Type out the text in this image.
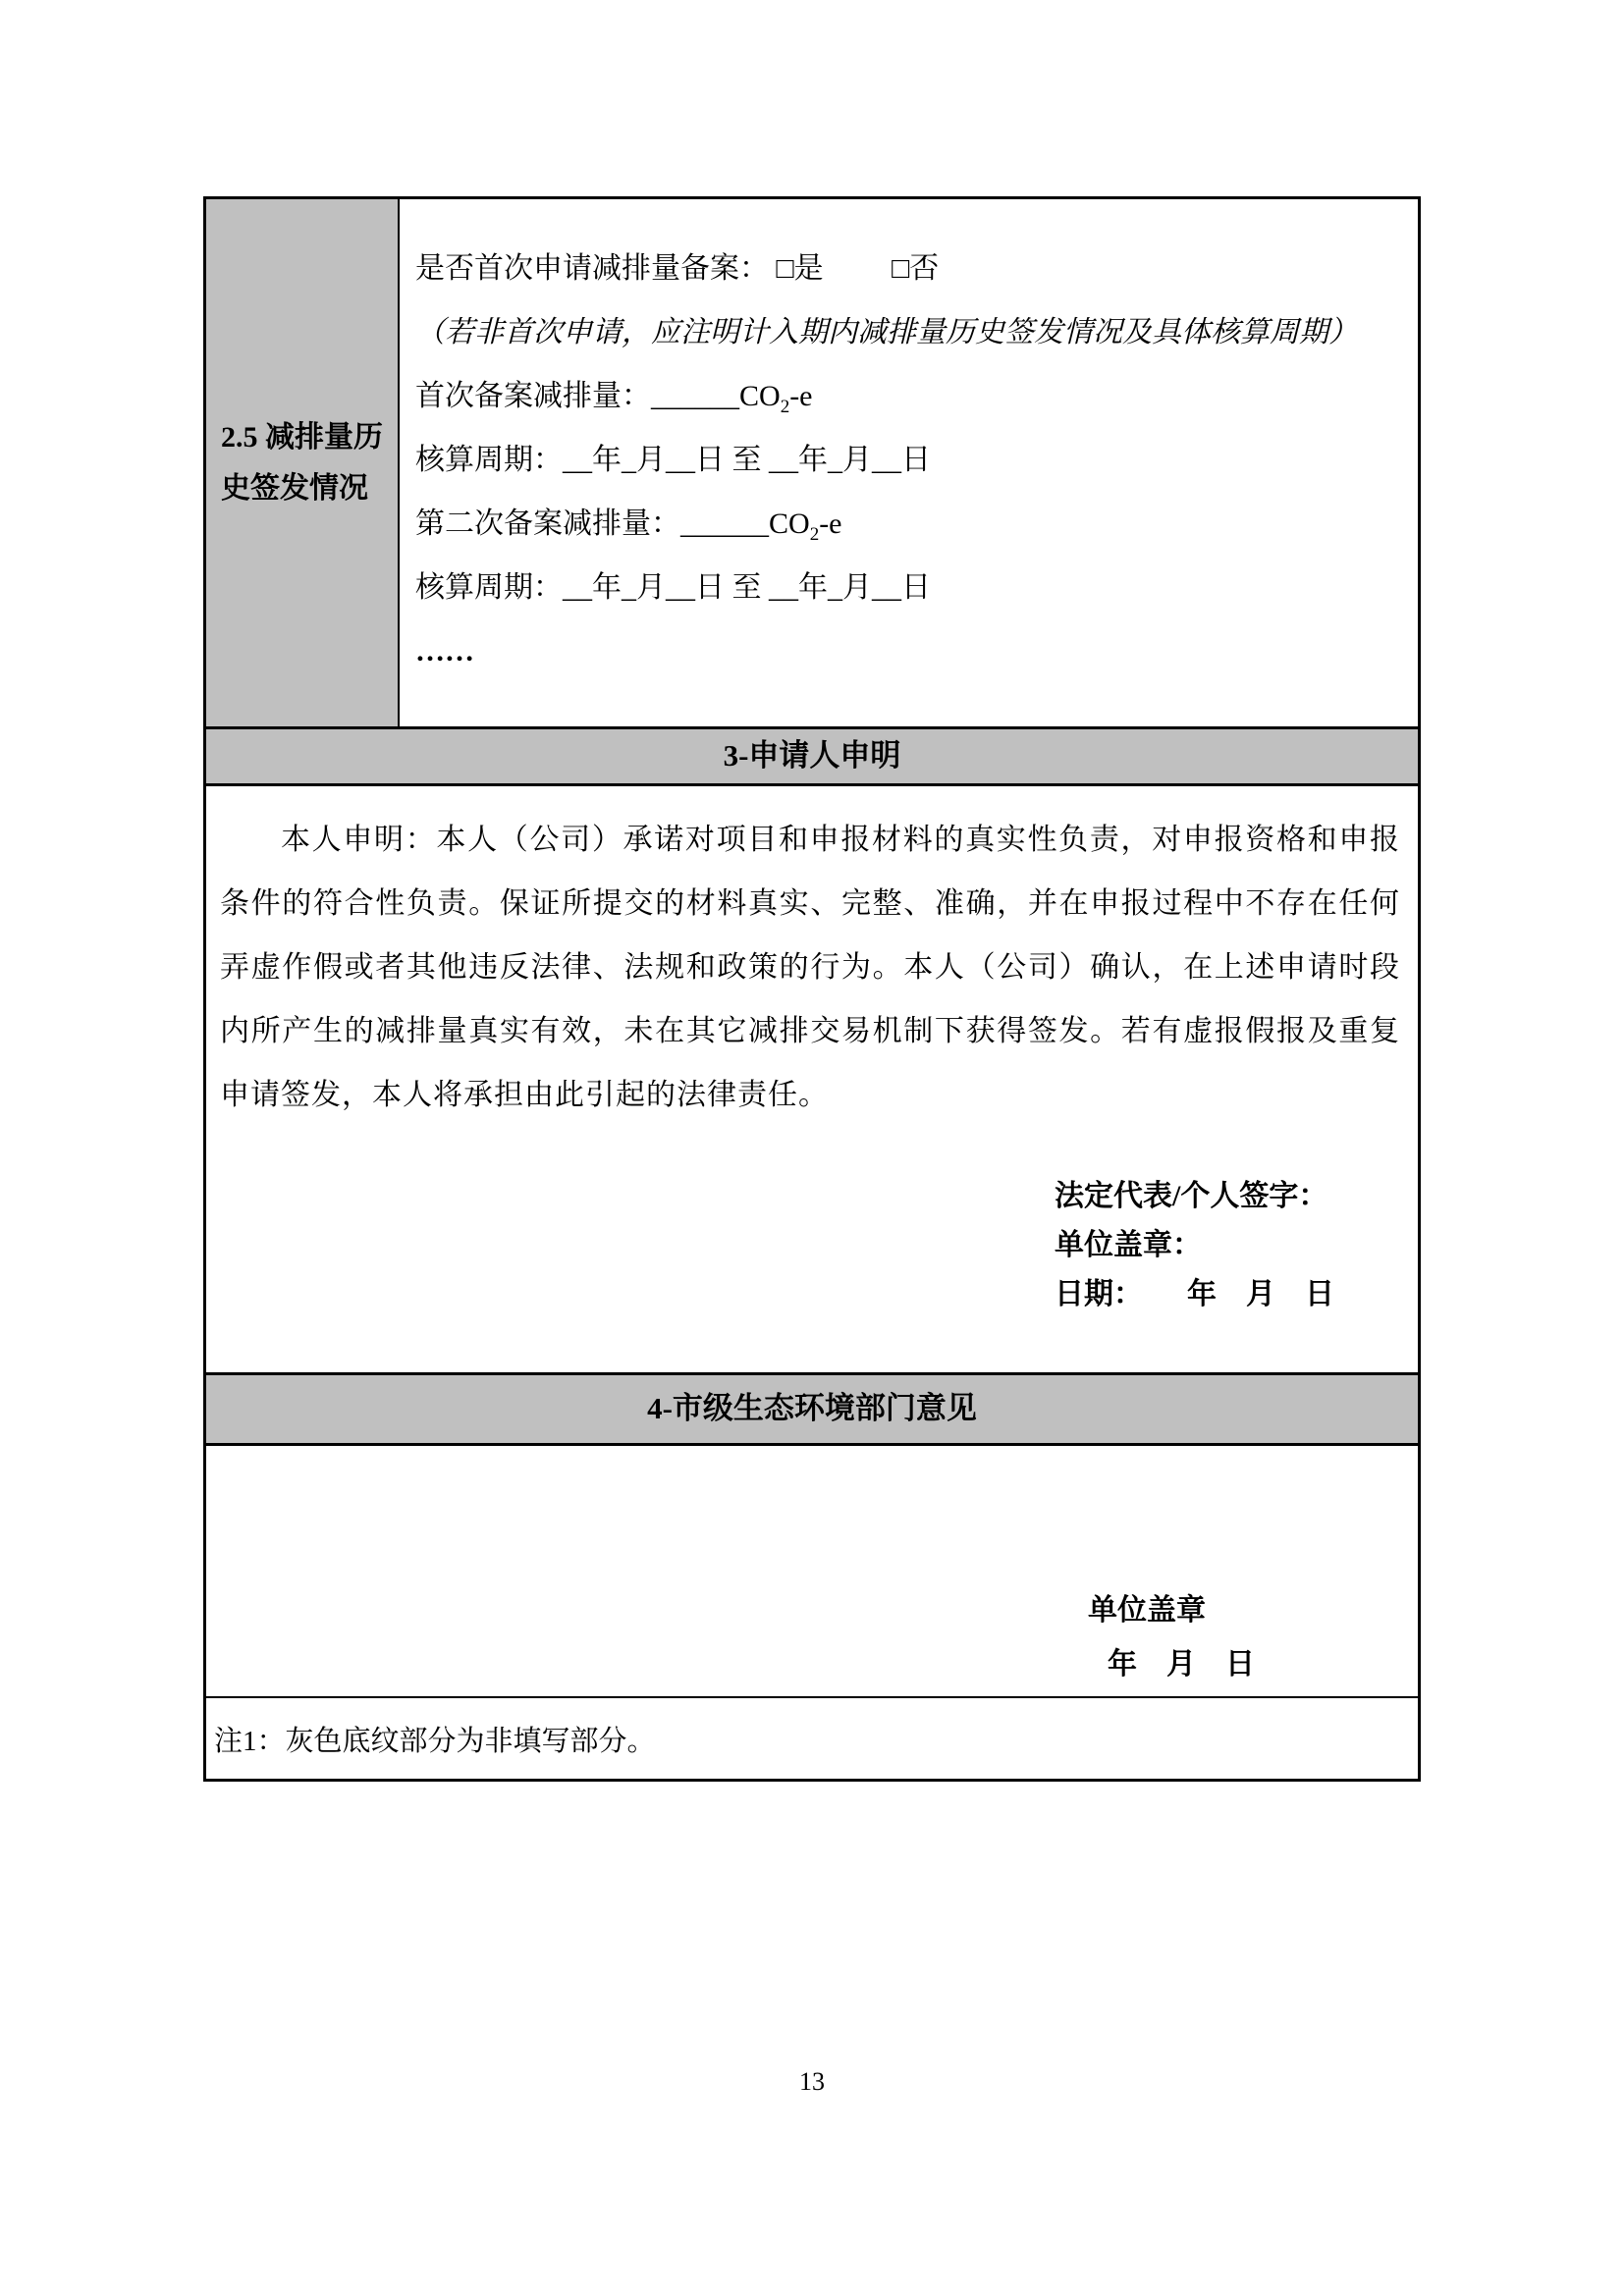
2.5 减排量历史签发情况
是否首次申请减排量备案： □是 □否
（若非首次申请，应注明计入期内减排量历史签发情况及具体核算周期）
首次备案减排量：$\_\_\_\_\_\_CO_2-e$
核算周期：__年_月__日 至 __年_月__日
第二次备案减排量：$\_\_\_\_\_\_CO_2-e$
核算周期：__年_月__日 至 __年_月__日
……
3-申请人申明

本人申明：本人（公司）承诺对项目和申报材料的真实性负责，对申报资格和申报条件的符合性负责。保证所提交的材料真实、完整、准确，并在申报过程中不存在任何弄虚作假或者其他违反法律、法规和政策的行为。本人（公司）确认，在上述申请时段内所产生的减排量真实有效，未在其它减排交易机制下获得签发。若有虚报假报及重复申请签发，本人将承担由此引起的法律责任。

法定代表/个人签字：
单位盖章：
日期：　　年　月　日
4-市级生态环境部门意见
单位盖章
年　月　日
注1：灰色底纹部分为非填写部分。
13
